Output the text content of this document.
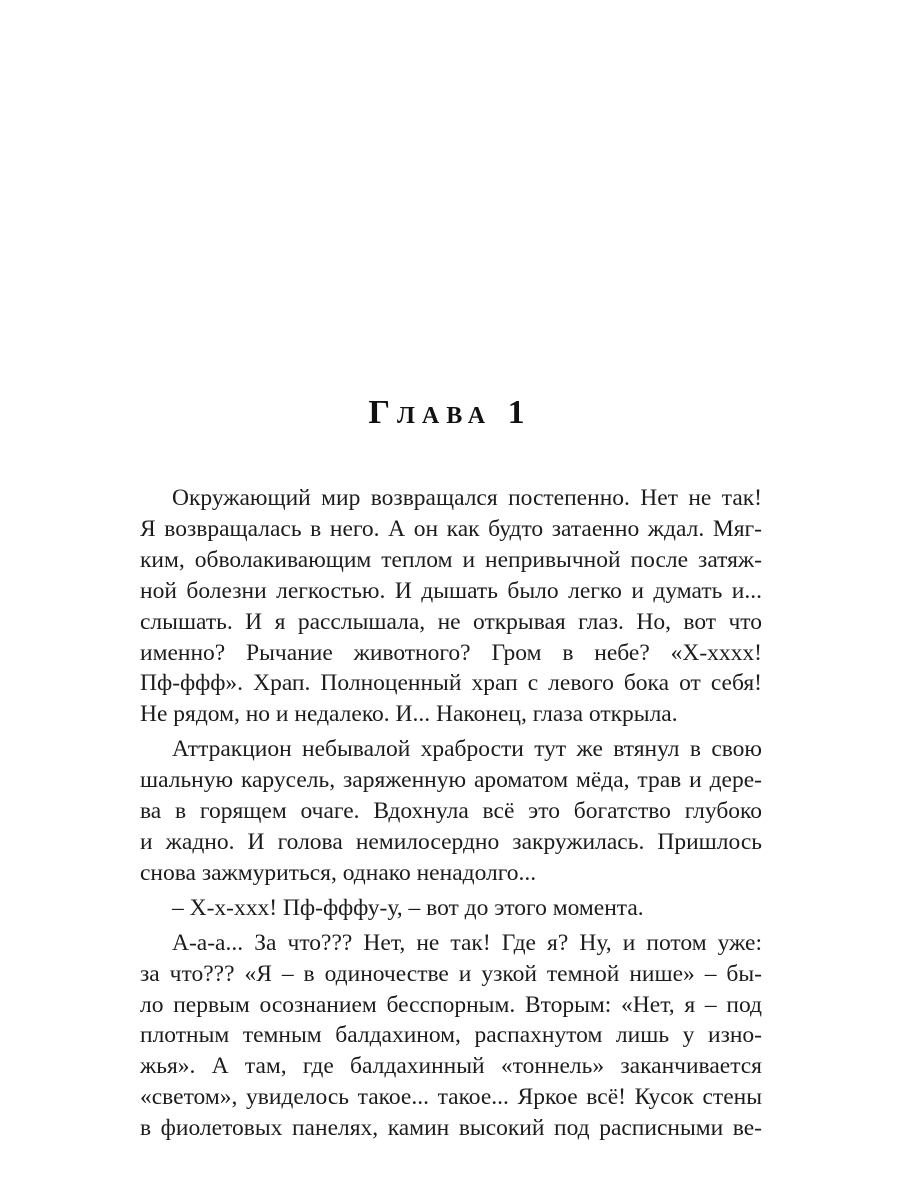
Глава 1
Окружающий мир возвращался постепенно. Нет не так!
Я возвращалась в него. А он как будто затаенно ждал. Мяг-
ким, обволакивающим теплом и непривычной после затяж-
ной болезни легкостью. И дышать было легко и думать и...
слышать. И я расслышала, не открывая глаз. Но, вот что
именно? Рычание животного? Гром в небе? «Х-хххх!
Пф-ффф». Храп. Полноценный храп с левого бока от себя!
Не рядом, но и недалеко. И... Наконец, глаза открыла.
Аттракцион небывалой храбрости тут же втянул в свою
шальную карусель, заряженную ароматом мёда, трав и дере-
ва в горящем очаге. Вдохнула всё это богатство глубоко
и жадно. И голова немилосердно закружилась. Пришлось
снова зажмуриться, однако ненадолго...
– Х-х-ххх! Пф-фффу-у, – вот до этого момента.
А-а-а... За что??? Нет, не так! Где я? Ну, и потом уже:
за что??? «Я – в одиночестве и узкой темной нише» – бы-
ло первым осознанием бесспорным. Вторым: «Нет, я – под
плотным темным балдахином, распахнутом лишь у изно-
жья». А там, где балдахинный «тоннель» заканчивается
«светом», увиделось такое... такое... Яркое всё! Кусок стены
в фиолетовых панелях, камин высокий под расписными ве-
